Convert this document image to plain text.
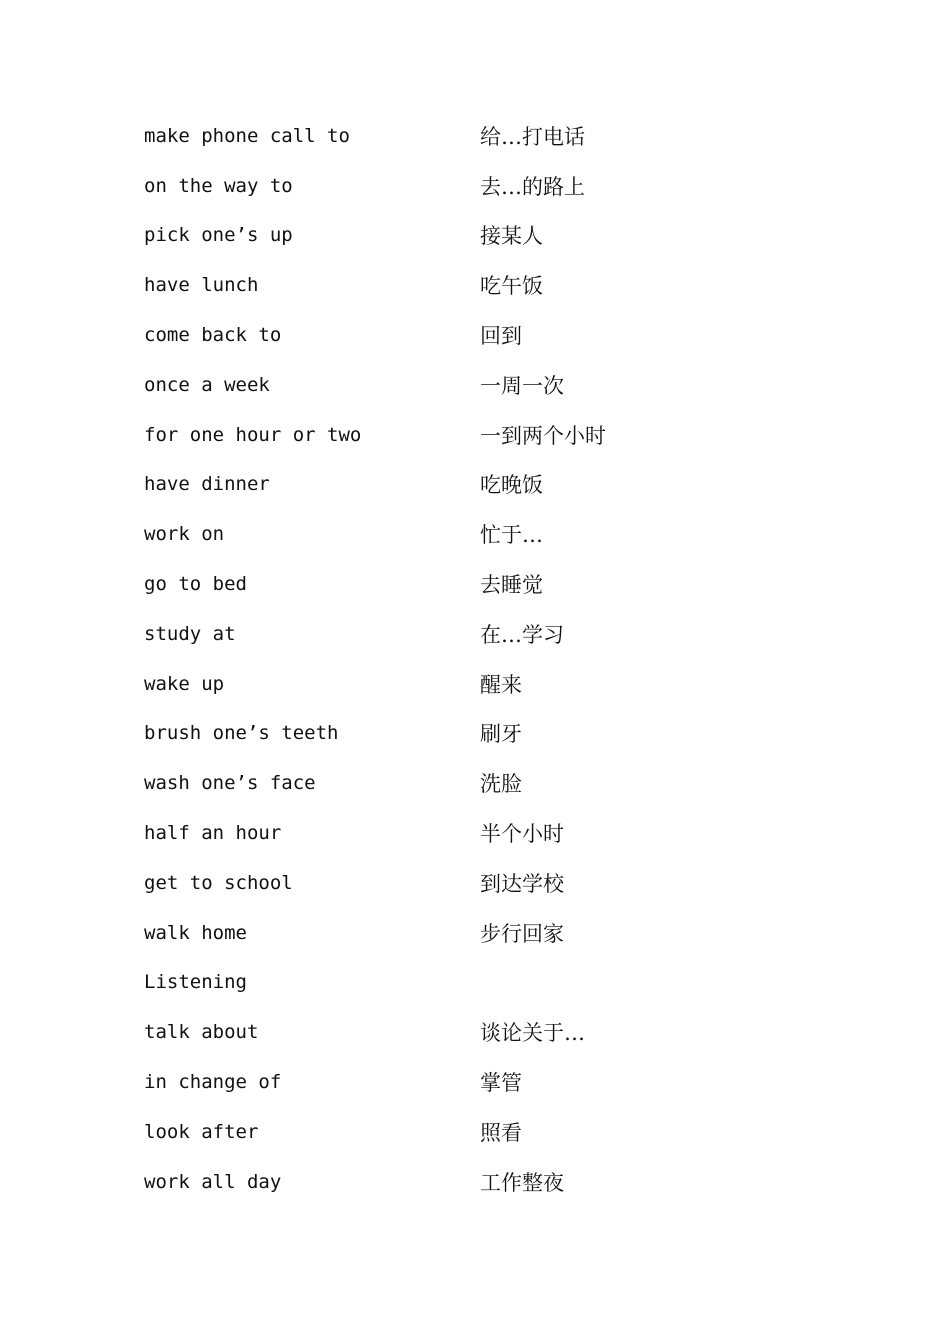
make phone call to	给…打电话
on the way to	去…的路上
pick one’s up	接某人
have lunch	吃午饭
come back to	回到
once a week	一周一次
for one hour or two	一到两个小时
have dinner	吃晚饭
work on	忙于…
go to bed	去睡觉
study at	在…学习
wake up	醒来
brush one’s teeth	刷牙
wash one’s face	洗脸
half an hour	半个小时
get to school	到达学校
walk home	步行回家
Listening
talk about	谈论关于…
in change of	掌管
look after	照看
work all day	工作整夜
